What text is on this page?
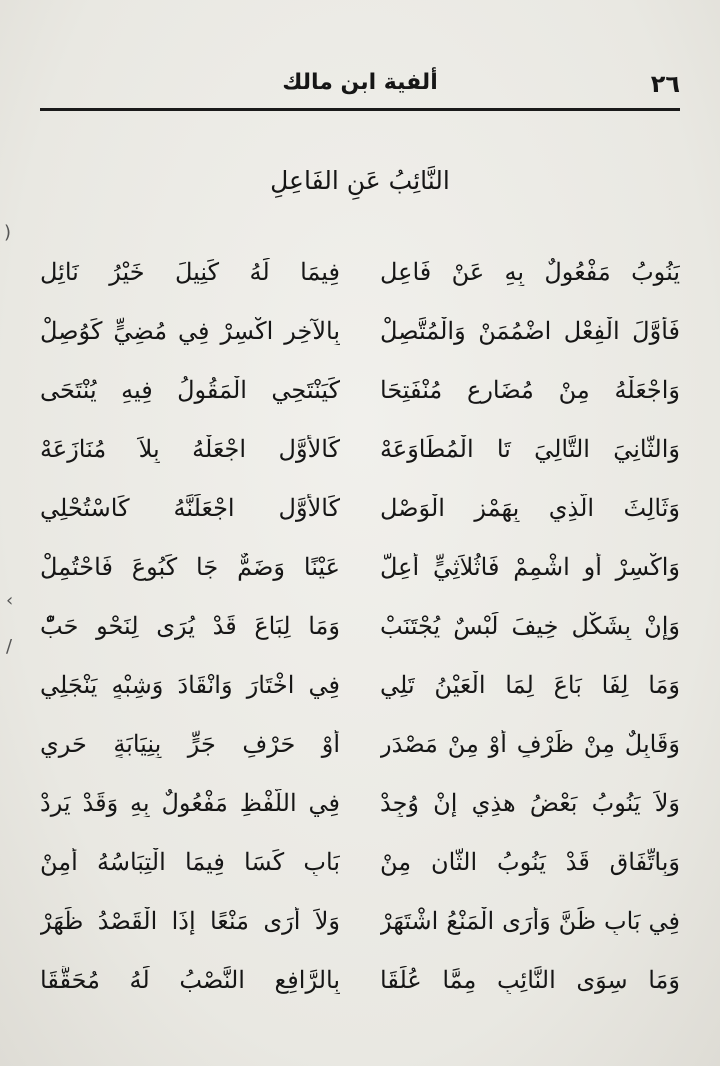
٢٦
ألفية ابن مالك
النَّائِبُ عَنِ الفَاعِلِ
يَنُوبُ مَفْعُولٌ بِهِ عَنْ فَاعِلِ
فِيمَا لَهُ كَنِيلَ خَيْرُ نَائِلِ
فَأَوَّلَ الْفِعْلِ اضْمُمَنْ وَالْمُتَّصِلْ
بِالآخِرِ اكْسِرْ فِي مُضِيٍّ كَوُصِلْ
وَاجْعَلْهُ مِنْ مُضَارِعٍ مُنْفَتِحَا
كَيَنْتَحِي الْمَقُولُ فِيهِ يُنْتَحَى
وَالثَّانِيَ التَّالِيَ تَا الْمُطَاوَعَهْ
كَالأَوَّلِ اجْعَلْهُ بِلاَ مُنَازَعَهْ
وَثَالِثَ الَّذِي بِهَمْزِ الْوَصْلِ
كَالأَوَّلِ اجْعَلَنَّهُ كَاسْتُحْلِي
وَاكْسِرْ أَوِ اشْمِمْ فَاثُلاَثِيٍّ أُعِلّ
عَيْنًا وَضَمٌّ جَا كَبُوعَ فَاحْتُمِلْ
وَإِنْ بِشَكْلٍ خِيفَ لَبْسٌ يُجْتَنَبْ
وَمَا لِبَاعَ قَدْ يُرَى لِنَحْوِ حَبّْ
وَمَا لِفَا بَاعَ لِمَا الْعَيْنُ تَلِي
فِي اخْتَارَ وَانْقَادَ وَشِبْهٍ يَنْجَلِي
وَقَابِلٌ مِنْ ظَرْفٍ أَوْ مِنْ مَصْدَرِ
أَوْ حَرْفِ جَرٍّ بِنِيَابَةٍ حَرِي
وَلاَ يَنُوبُ بَعْضُ هذِي إِنْ وُجِدْ
فِي اللَّفْظِ مَفْعُولٌ بِهِ وَقَدْ يَرِدْ
وَبِاتِّفَاقٍ قَدْ يَنُوبُ الثَّانِ مِنْ
بَابِ كَسَا فِيمَا الْتِبَاسُهُ أُمِنْ
فِي بَابِ ظَنَّ وَأَرَى الْمَنْعُ اشْتَهَرْ
وَلاَ أَرَى مَنْعًا إِذَا الْقَصْدُ ظَهَرْ
وَمَا سِوَى النَّائِبِ مِمَّا عُلِّقَا
بِالرَّافِعِ النَّصْبُ لَهُ مُحَقَّقَا
)
‹
/
